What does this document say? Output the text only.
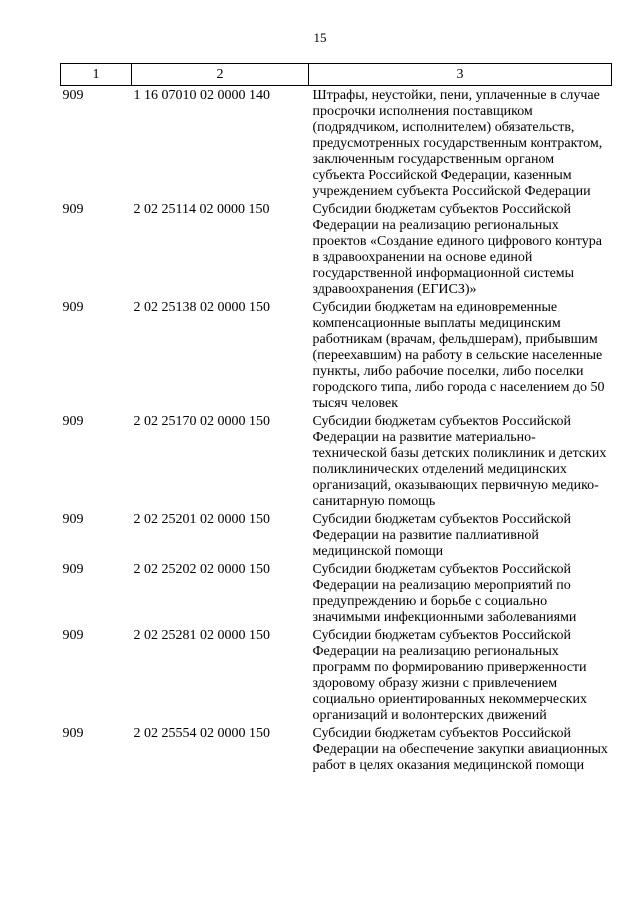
15
1	2	3
909	1 16 07010 02 0000 140	Штрафы, неустойки, пени, уплаченные в случае просрочки исполнения поставщиком (подрядчиком, исполнителем) обязательств, предусмотренных государственным контрактом, заключенным государственным органом субъекта Российской Федерации, казенным учреждением субъекта Российской Федерации
909	2 02 25114 02 0000 150	Субсидии бюджетам субъектов Российской Федерации на реализацию региональных проектов «Создание единого цифрового контура в здравоохранении на основе единой государственной информационной системы здравоохранения (ЕГИСЗ)»
909	2 02 25138 02 0000 150	Субсидии бюджетам на единовременные компенсационные выплаты медицинским работникам (врачам, фельдшерам), прибывшим (переехавшим) на работу в сельские населенные пункты, либо рабочие поселки, либо поселки городского типа, либо города с населением до 50 тысяч человек
909	2 02 25170 02 0000 150	Субсидии бюджетам субъектов Российской Федерации на развитие материально-технической базы детских поликлиник и детских поликлинических отделений медицинских организаций, оказывающих первичную медико-санитарную помощь
909	2 02 25201 02 0000 150	Субсидии бюджетам субъектов Российской Федерации на развитие паллиативной медицинской помощи
909	2 02 25202 02 0000 150	Субсидии бюджетам субъектов Российской Федерации на реализацию мероприятий по предупреждению и борьбе с социально значимыми инфекционными заболеваниями
909	2 02 25281 02 0000 150	Субсидии бюджетам субъектов Российской Федерации на реализацию региональных программ по формированию приверженности здоровому образу жизни с привлечением социально ориентированных некоммерческих организаций и волонтерских движений
909	2 02 25554 02 0000 150	Субсидии бюджетам субъектов Российской Федерации на обеспечение закупки авиационных работ в целях оказания медицинской помощи
